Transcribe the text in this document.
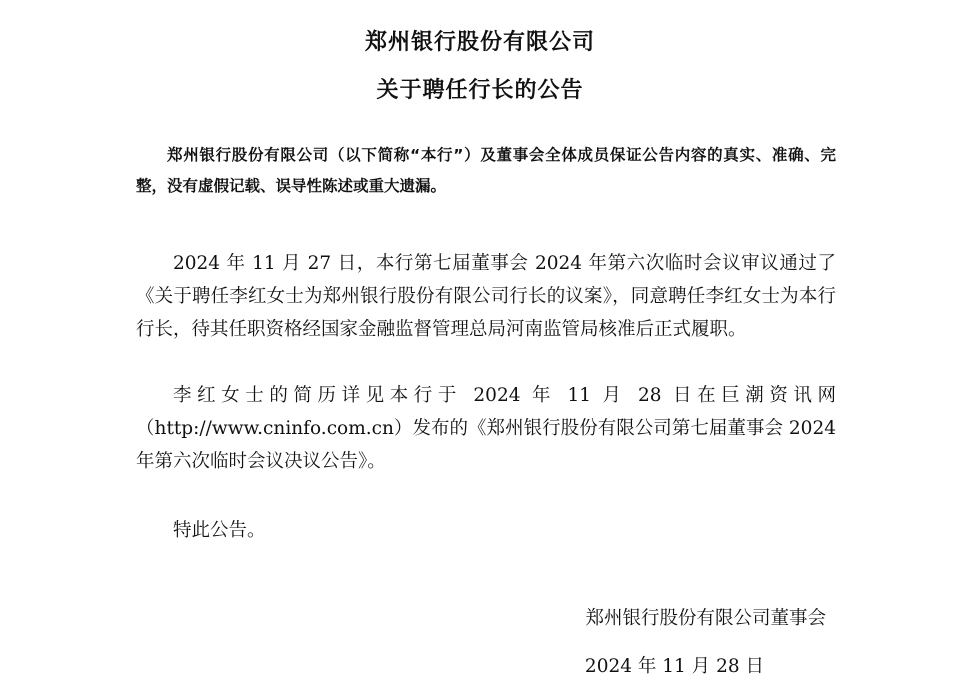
郑州银行股份有限公司
关于聘任行长的公告
郑州银行股份有限公司（以下简称“本行”）及董事会全体成员保证公告内容的真实、准确、完整，没有虚假记载、误导性陈述或重大遗漏。
2024 年 11 月 27 日，本行第七届董事会 2024 年第六次临时会议审议通过了《关于聘任李红女士为郑州银行股份有限公司行长的议案》，同意聘任李红女士为本行行长，待其任职资格经国家金融监督管理总局河南监管局核准后正式履职。
李红女士的简历详见本行于 2024 年 11 月 28 日在巨潮资讯网（http://www.cninfo.com.cn）发布的《郑州银行股份有限公司第七届董事会 2024 年第六次临时会议决议公告》。
特此公告。
郑州银行股份有限公司董事会
2024 年 11 月 28 日
